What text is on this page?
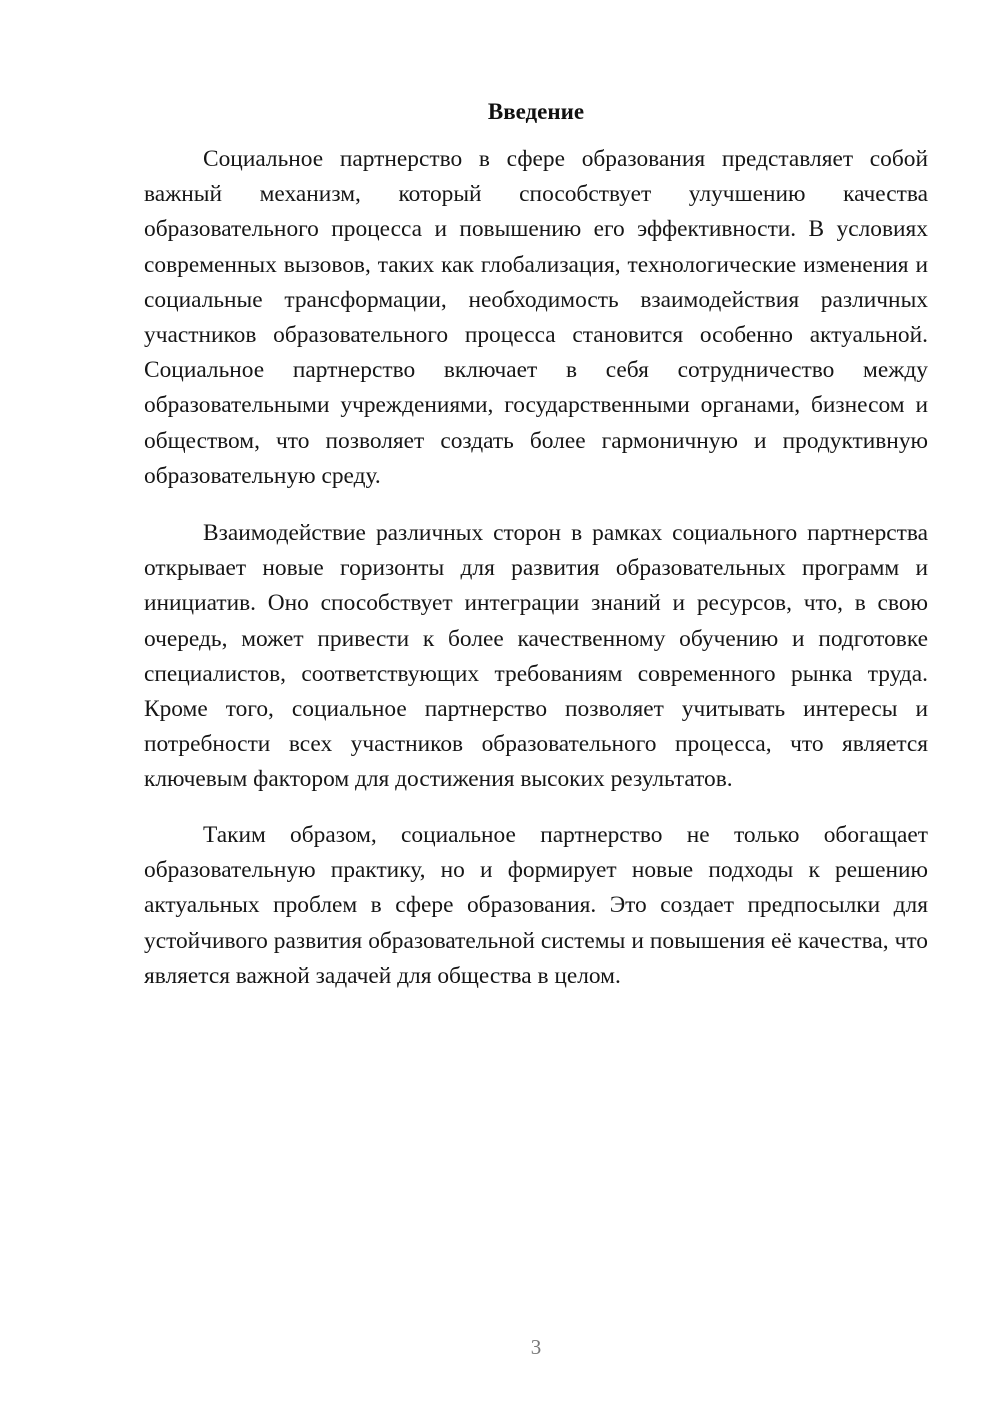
Введение

Социальное партнерство в сфере образования представляет собой важный механизм, который способствует улучшению качества образовательного процесса и повышению его эффективности. В условиях современных вызовов, таких как глобализация, технологические изменения и социальные трансформации, необходимость взаимодействия различных участников образовательного процесса становится особенно актуальной. Социальное партнерство включает в себя сотрудничество между образовательными учреждениями, государственными органами, бизнесом и обществом, что позволяет создать более гармоничную и продуктивную образовательную среду.

Взаимодействие различных сторон в рамках социального партнерства открывает новые горизонты для развития образовательных программ и инициатив. Оно способствует интеграции знаний и ресурсов, что, в свою очередь, может привести к более качественному обучению и подготовке специалистов, соответствующих требованиям современного рынка труда. Кроме того, социальное партнерство позволяет учитывать интересы и потребности всех участников образовательного процесса, что является ключевым фактором для достижения высоких результатов.

Таким образом, социальное партнерство не только обогащает образовательную практику, но и формирует новые подходы к решению актуальных проблем в сфере образования. Это создает предпосылки для устойчивого развития образовательной системы и повышения её качества, что является важной задачей для общества в целом.

3
